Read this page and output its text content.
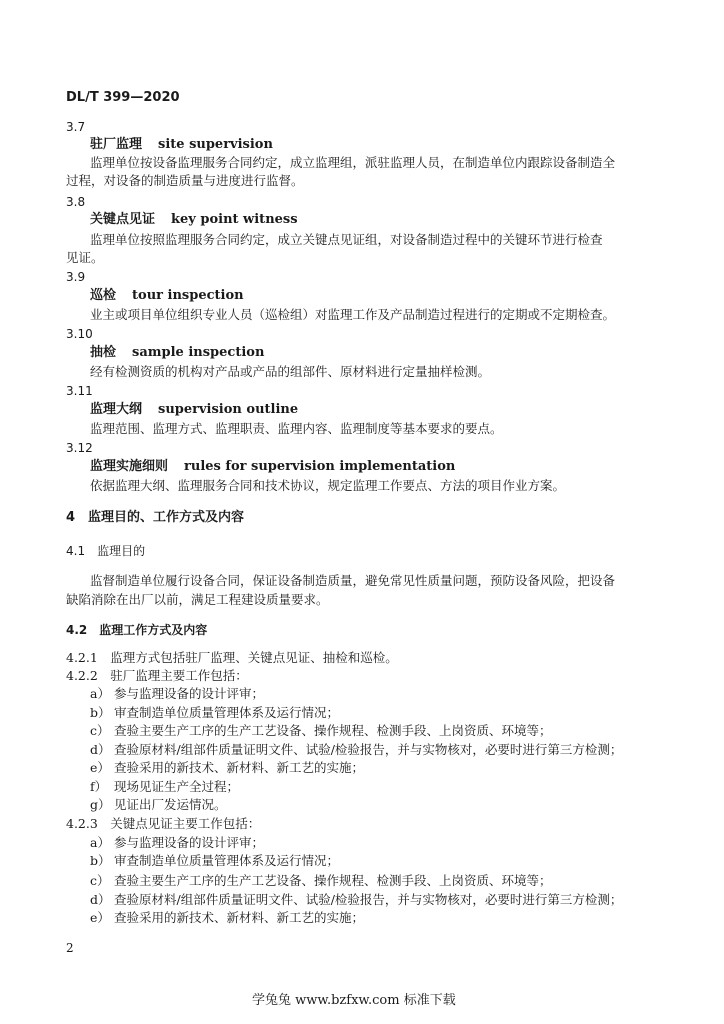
DL/T 399—2020
3.7
驻厂监理 site supervision
监理单位按设备监理服务合同约定，成立监理组，派驻监理人员，在制造单位内跟踪设备制造全
过程，对设备的制造质量与进度进行监督。
3.8
关键点见证 key point witness
监理单位按照监理服务合同约定，成立关键点见证组，对设备制造过程中的关键环节进行检查
见证。
3.9
巡检 tour inspection
业主或项目单位组织专业人员（巡检组）对监理工作及产品制造过程进行的定期或不定期检查。
3.10
抽检 sample inspection
经有检测资质的机构对产品或产品的组部件、原材料进行定量抽样检测。
3.11
监理大纲 supervision outline
监理范围、监理方式、监理职责、监理内容、监理制度等基本要求的要点。
3.12
监理实施细则 rules for supervision implementation
依据监理大纲、监理服务合同和技术协议，规定监理工作要点、方法的项目作业方案。
4　监理目的、工作方式及内容
4.1　监理目的
监督制造单位履行设备合同，保证设备制造质量，避免常见性质量问题，预防设备风险，把设备
缺陷消除在出厂以前，满足工程建设质量要求。
4.2　监理工作方式及内容
4.2.1　监理方式包括驻厂监理、关键点见证、抽检和巡检。
4.2.2　驻厂监理主要工作包括：
a） 参与监理设备的设计评审；
b） 审查制造单位质量管理体系及运行情况；
c） 查验主要生产工序的生产工艺设备、操作规程、检测手段、上岗资质、环境等；
d） 查验原材料/组部件质量证明文件、试验/检验报告，并与实物核对，必要时进行第三方检测；
e） 查验采用的新技术、新材料、新工艺的实施；
f） 现场见证生产全过程；
g） 见证出厂发运情况。
4.2.3　关键点见证主要工作包括：
a） 参与监理设备的设计评审；
b） 审查制造单位质量管理体系及运行情况；
c） 查验主要生产工序的生产工艺设备、操作规程、检测手段、上岗资质、环境等；
d） 查验原材料/组部件质量证明文件、试验/检验报告，并与实物核对，必要时进行第三方检测；
e） 查验采用的新技术、新材料、新工艺的实施；
2
学兔兔 www.bzfxw.com 标准下载
